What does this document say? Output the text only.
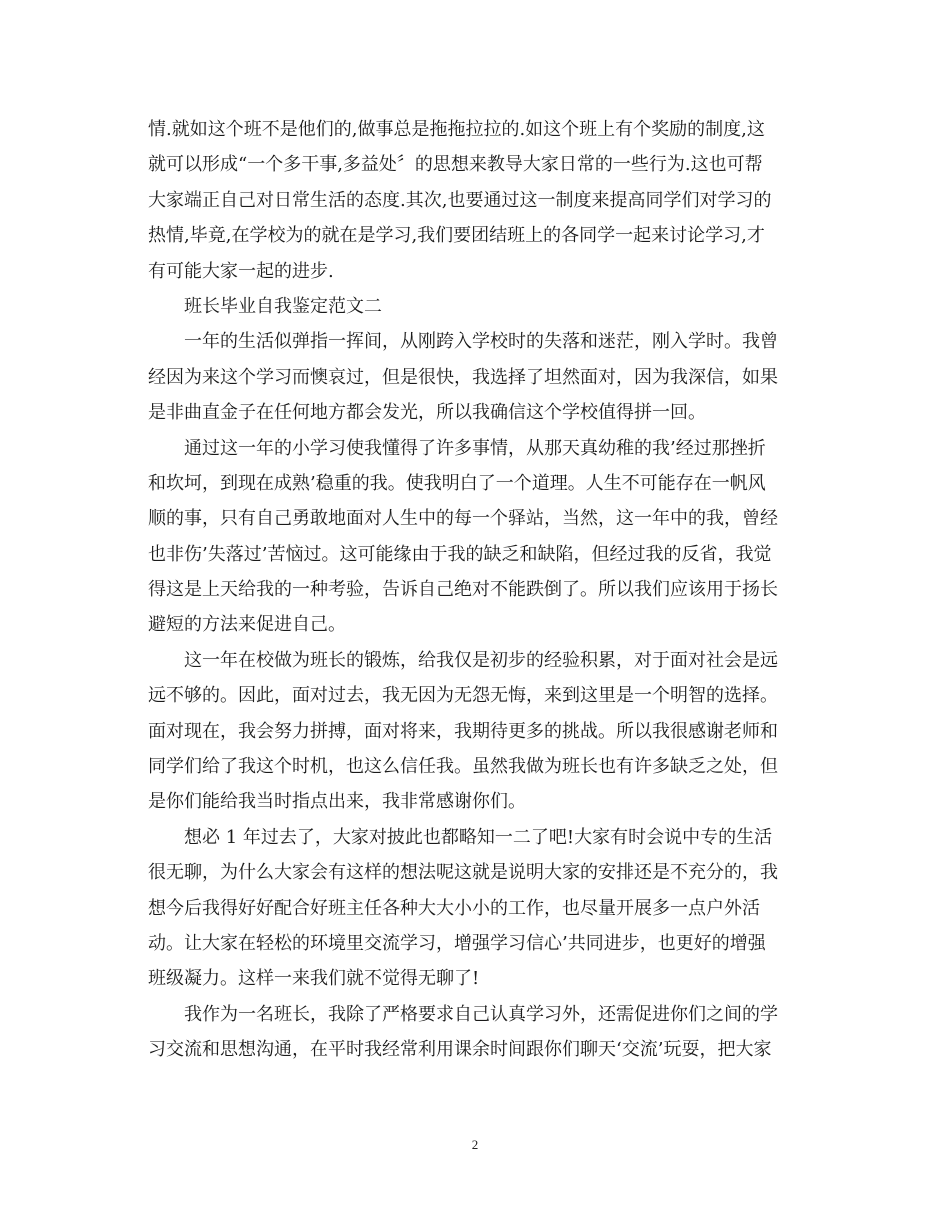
情.就如这个班不是他们的,做事总是拖拖拉拉的.如这个班上有个奖励的制度,这
就可以形成“一个多干事,多益处〞的思想来教导大家日常的一些行为.这也可帮
大家端正自己对日常生活的态度.其次,也要通过这一制度来提高同学们对学习的
热情,毕竟,在学校为的就在是学习,我们要团结班上的各同学一起来讨论学习,才
有可能大家一起的进步.
班长毕业自我鉴定范文二
一年的生活似弹指一挥间，从刚跨入学校时的失落和迷茫，刚入学时。我曾
经因为来这个学习而懊哀过，但是很快，我选择了坦然面对，因为我深信，如果
是非曲直金子在任何地方都会发光，所以我确信这个学校值得拼一回。
通过这一年的小学习使我懂得了许多事情，从那天真幼稚的我’经过那挫折
和坎坷，到现在成熟’稳重的我。使我明白了一个道理。人生不可能存在一帆风
顺的事，只有自己勇敢地面对人生中的每一个驿站，当然，这一年中的我，曾经
也非伤’失落过’苦恼过。这可能缘由于我的缺乏和缺陷，但经过我的反省，我觉
得这是上天给我的一种考验，告诉自己绝对不能跌倒了。所以我们应该用于扬长
避短的方法来促进自己。
这一年在校做为班长的锻炼，给我仅是初步的经验积累，对于面对社会是远
远不够的。因此，面对过去，我无因为无怨无悔，来到这里是一个明智的选择。
面对现在，我会努力拼搏，面对将来，我期待更多的挑战。所以我很感谢老师和
同学们给了我这个时机，也这么信任我。虽然我做为班长也有许多缺乏之处，但
是你们能给我当时指点出来，我非常感谢你们。
想必 1 年过去了，大家对披此也都略知一二了吧!大家有时会说中专的生活
很无聊，为什么大家会有这样的想法呢这就是说明大家的安排还是不充分的，我
想今后我得好好配合好班主任各种大大小小的工作，也尽量开展多一点户外活
动。让大家在轻松的环境里交流学习，增强学习信心’共同进步，也更好的增强
班级凝力。这样一来我们就不觉得无聊了!
我作为一名班长，我除了严格要求自己认真学习外，还需促进你们之间的学
习交流和思想沟通，在平时我经常利用课余时间跟你们聊天‘交流’玩耍，把大家
2
